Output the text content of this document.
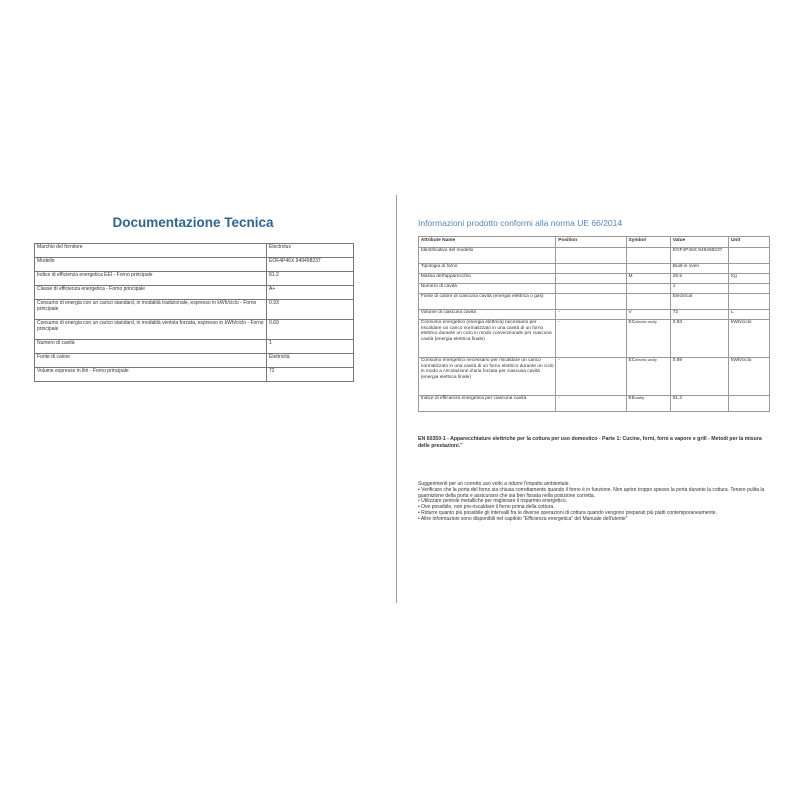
Documentazione Tecnica
Marchio del fornitore	Electrolux
Modello	EOF4P46X 949498237
Indice di efficienza energetica EEI - Forno principale	81.2
Classe di efficienza energetica - Forno principale	A+
Consumo di energia con un carico standard, in modalità tradizionale, espresso in kWh/ciclo - Forno principale	0.93
Consumo di energia con un carico standard, in modalità ventola forzata, espresso in kWh/ciclo - Forno principale	0.69
Numero di cavità	1
Fonte di calore	Elettricità
Volume espresso in litri - Forno principale	72
Informazioni prodotto conformi alla norma UE 66/2014
Attribute Name	Position	Symbol	Value	Unit
Identificativo del modello			EOF4P46X 949498237	
Tipologia di forno			Built-in oven	
Massa dell'apparecchio		M	29.5	Kg
Numero di cavità			1	
Fonte di calore di ciascuna cavità (energia elettrica o gas)			Electrical	
Volume di ciascuna cavità	-	V	72	L
Consumo energetico (energia elettrica) necessario per riscaldare un carico normalizzato in una cavità di un forno elettrico durante un ciclo in modo convenzionale per ciascuna cavità (energia elettrica finale)	-	ECelectric cavity	0.93	kWh/ciclo
Consumo energetico necessario per riscaldare un carico normalizzato in una cavità di un forno elettrico durante un ciclo in modo a circolazione d'aria forzata per ciascuna cavità (energia elettrica finale)	-	ECelectric cavity	0.69	kWh/ciclo
Indice di efficienza energetica per ciascuna cavità	-	EEcavity	81.2	
EN 60350-1 - Apparecchiature elettriche per la cottura per uso domestico - Parte 1: Cucine, forni, forni a vapore e grill - Metodi per la misura delle prestazioni."
Suggerimenti per un corretto uso volto a ridurre l'impatto ambientale.
• Verificare che la porta del forno sia chiusa correttamente quando il forno è in funzione. Non aprire troppo spesso la porta durante la cottura. Tenere pulita la guarnizione della porta e assicurarsi che sia ben fissata nella posizione corretta.
• Utilizzare pentole metalliche per migliorare il risparmio energetico.
• Ove possibile, non pre-riscaldare il forno prima della cottura.
• Ridurre quanto più possibile gli intervalli fra le diverse operazioni di cottura quando vengono preparati più piatti contemporaneamente.
• Altre informazioni sono disponibili nel capitolo "Efficienza energetica" del Manuale dell'utente"
